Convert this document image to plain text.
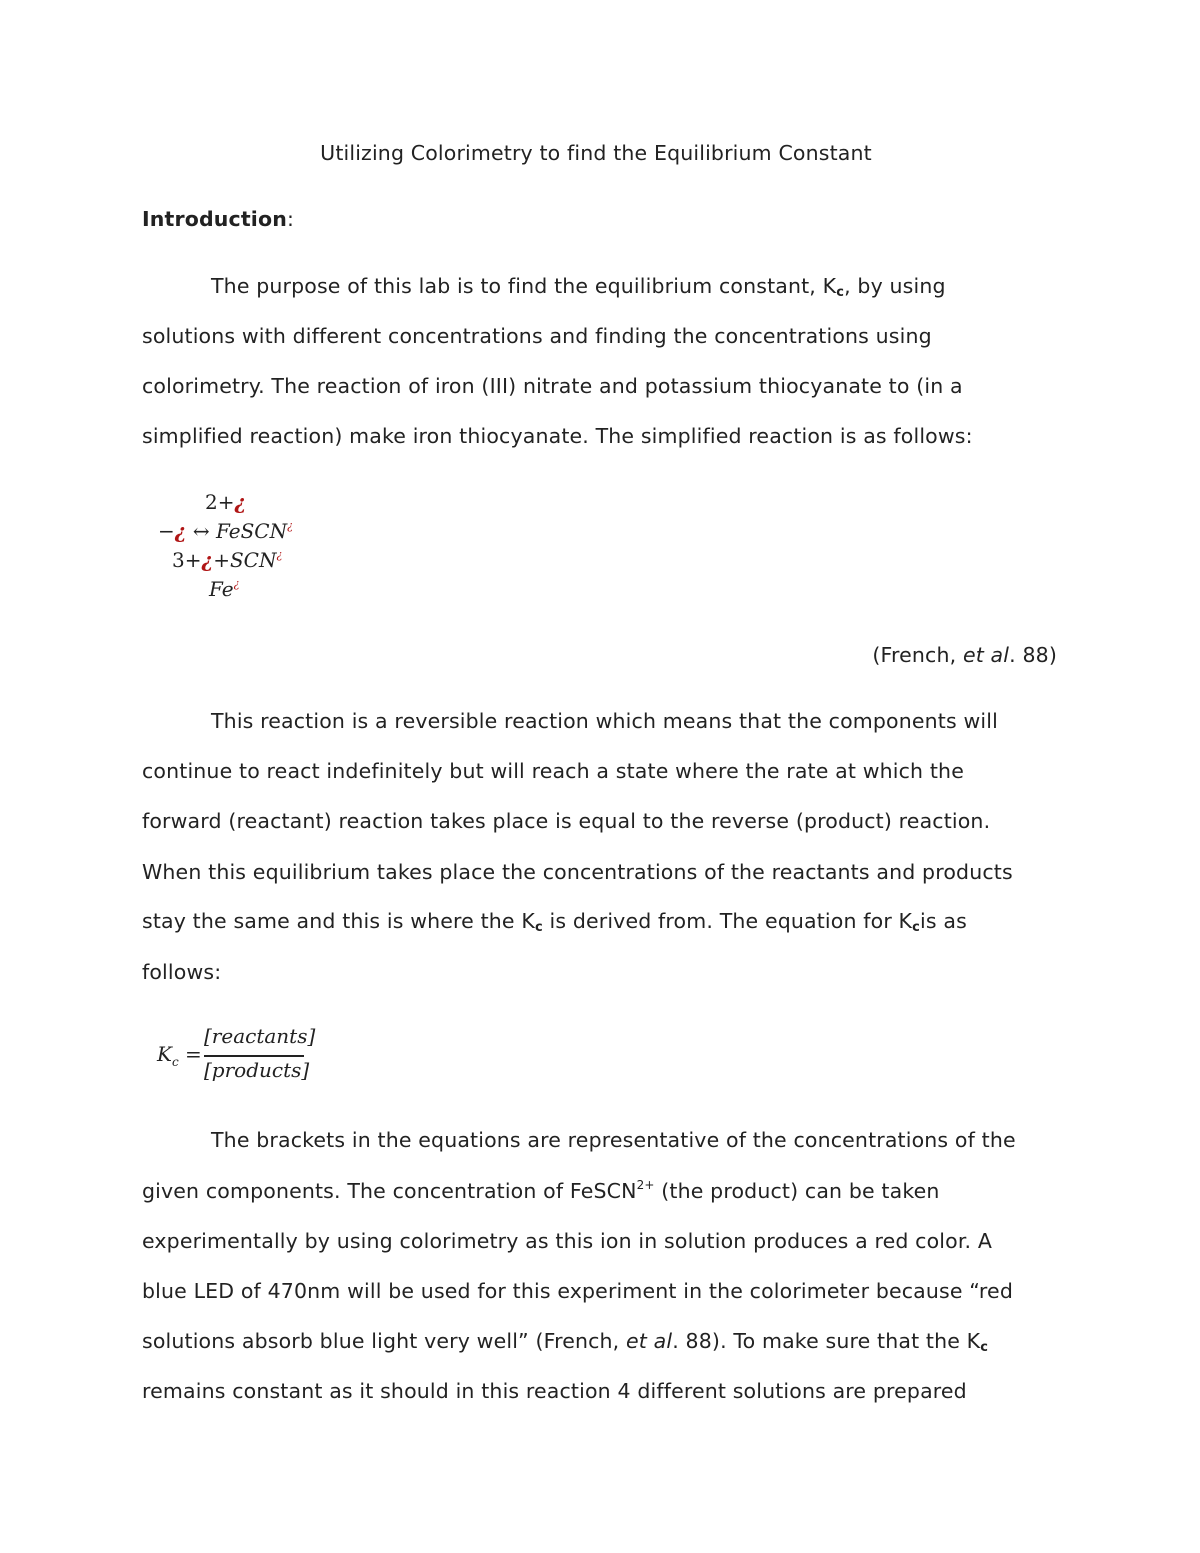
Utilizing Colorimetry to find the Equilibrium Constant
Introduction:
The purpose of this lab is to find the equilibrium constant, Kc, by using
solutions with different concentrations and finding the concentrations using
colorimetry. The reaction of iron (III) nitrate and potassium thiocyanate to (in a
simplified reaction) make iron thiocyanate. The simplified reaction is as follows:
2+¿
−¿ ↔ FeSCN¿
3+¿+SCN¿
Fe¿
(French, et al. 88)
This reaction is a reversible reaction which means that the components will
continue to react indefinitely but will reach a state where the rate at which the
forward (reactant) reaction takes place is equal to the reverse (product) reaction.
When this equilibrium takes place the concentrations of the reactants and products
stay the same and this is where the Kc is derived from. The equation for Kcis as
follows:
$K_c$ =
[reactants]
[products]
The brackets in the equations are representative of the concentrations of the
given components. The concentration of FeSCN$^{2+}$ (the product) can be taken
experimentally by using colorimetry as this ion in solution produces a red color. A
blue LED of 470nm will be used for this experiment in the colorimeter because “red
solutions absorb blue light very well” (French, et al. 88). To make sure that the Kc
remains constant as it should in this reaction 4 different solutions are prepared
